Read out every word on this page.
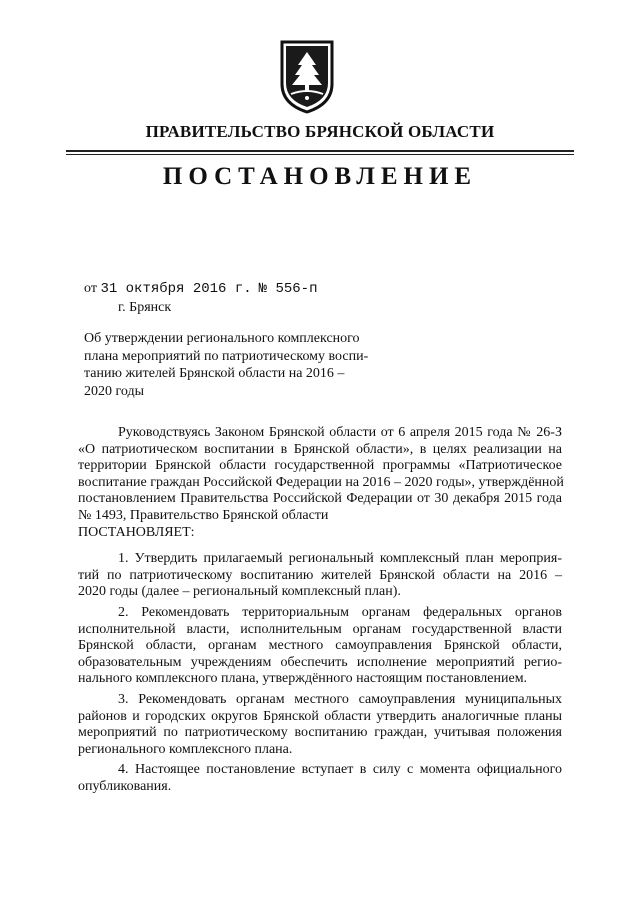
ПРАВИТЕЛЬСТВО БРЯНСКОЙ ОБЛАСТИ
ПОСТАНОВЛЕНИЕ
от 31 октября 2016 г. № 556-п
г. Брянск
Об утверждении регионального комплексного
плана мероприятий по патриотическому воспи-
танию жителей Брянской области на 2016 –
2020 годы
Руководствуясь Законом Брянской области от 6 апреля 2015 года № 26-З
«О патриотическом воспитании в Брянской области», в целях реализации на
территории Брянской области государственной программы «Патриотическое
воспитание граждан Российской Федерации на 2016 – 2020 годы», утверждённой
постановлением Правительства Российской Федерации от 30 декабря 2015 года
№ 1493, Правительство Брянской области
ПОСТАНОВЛЯЕТ:
1. Утвердить прилагаемый региональный комплексный план мероприя-
тий по патриотическому воспитанию жителей Брянской области на 2016 –
2020 годы (далее – региональный комплексный план).
2. Рекомендовать территориальным органам федеральных органов
исполнительной власти, исполнительным органам государственной власти
Брянской области, органам местного самоуправления Брянской области,
образовательным учреждениям обеспечить исполнение мероприятий регио-
нального комплексного плана, утверждённого настоящим постановлением.
3. Рекомендовать органам местного самоуправления муниципальных
районов и городских округов Брянской области утвердить аналогичные планы
мероприятий по патриотическому воспитанию граждан, учитывая положения
регионального комплексного плана.
4. Настоящее постановление вступает в силу с момента официального
опубликования.
